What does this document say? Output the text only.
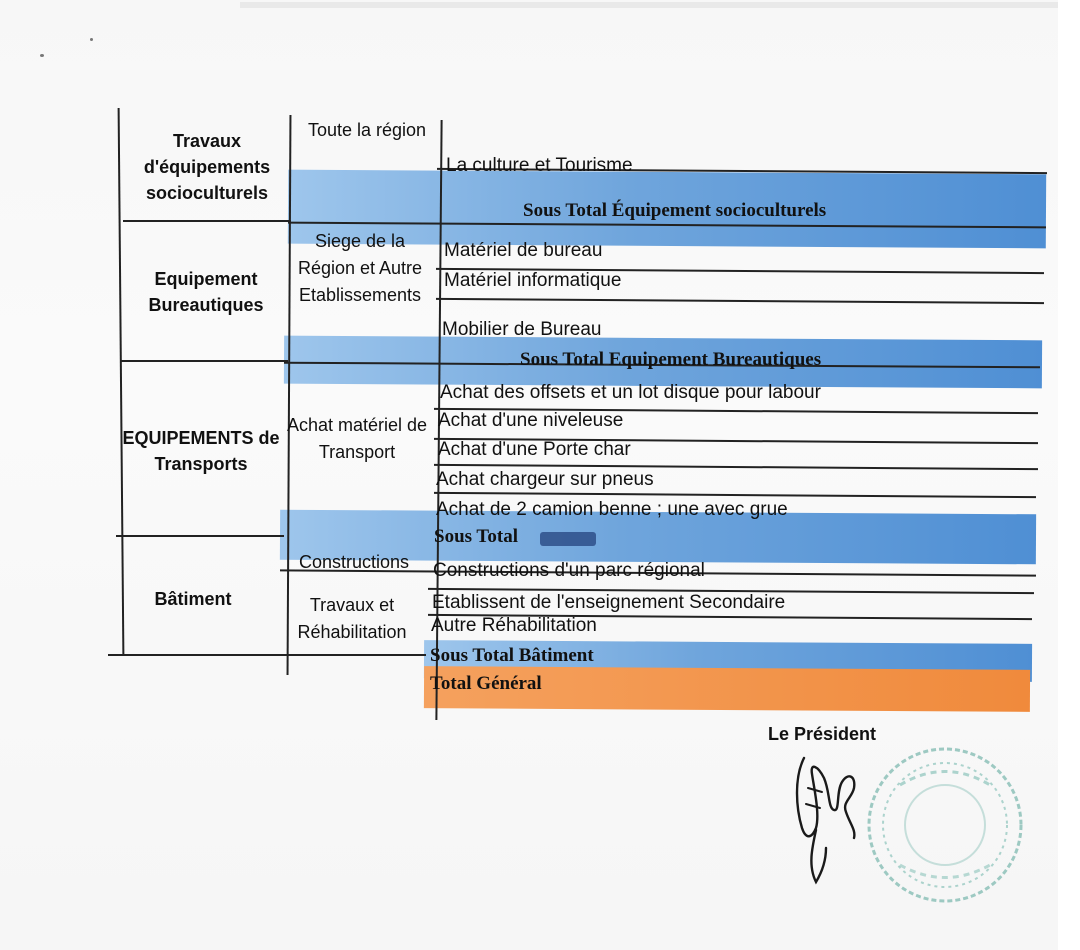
Travaux d'équipements socioculturels
Toute la région
La culture et Tourisme
Sous Total Équipement socioculturels
Equipement Bureautiques
Siege de la Région et Autre Etablissements
Matériel de bureau
Matériel informatique
Mobilier de Bureau
Sous Total Equipement Bureautiques
EQUIPEMENTS de Transports
Achat matériel de Transport
Achat des offsets et un lot disque pour labour
Achat d'une niveleuse
Achat d'une Porte char
Achat chargeur sur pneus
Achat de 2 camion benne ; une avec grue
Sous Total
Bâtiment
Constructions
Travaux et Réhabilitation
Constructions d'un parc régional
Etablissent de l'enseignement Secondaire
Autre Réhabilitation
Sous Total Bâtiment
Total Général
Le Président
